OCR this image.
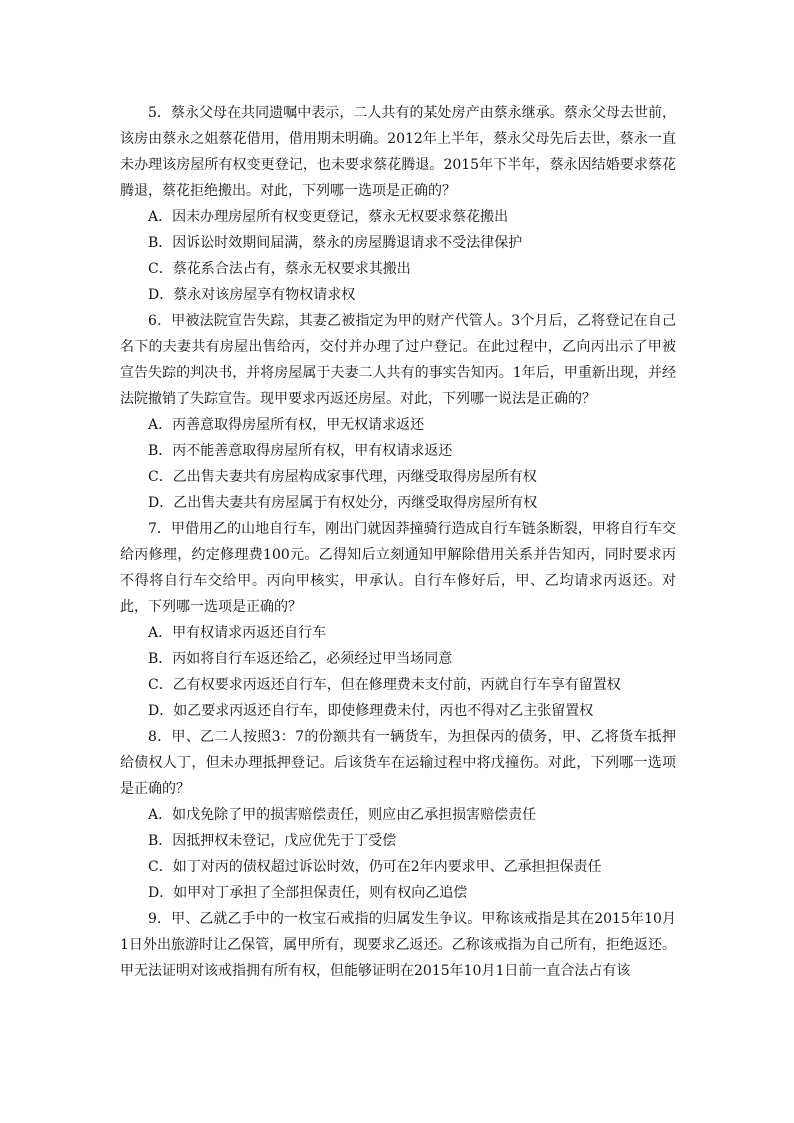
5．蔡永父母在共同遗嘱中表示，二人共有的某处房产由蔡永继承。蔡永父母去世前，该房由蔡永之姐蔡花借用，借用期未明确。2012年上半年，蔡永父母先后去世，蔡永一直未办理该房屋所有权变更登记，也未要求蔡花腾退。2015年下半年，蔡永因结婚要求蔡花腾退，蔡花拒绝搬出。对此，下列哪一选项是正确的？

A．因未办理房屋所有权变更登记，蔡永无权要求蔡花搬出

B．因诉讼时效期间届满，蔡永的房屋腾退请求不受法律保护

C．蔡花系合法占有，蔡永无权要求其搬出

D．蔡永对该房屋享有物权请求权

6．甲被法院宣告失踪，其妻乙被指定为甲的财产代管人。3个月后，乙将登记在自己名下的夫妻共有房屋出售给丙，交付并办理了过户登记。在此过程中，乙向丙出示了甲被宣告失踪的判决书，并将房屋属于夫妻二人共有的事实告知丙。1年后，甲重新出现，并经法院撤销了失踪宣告。现甲要求丙返还房屋。对此，下列哪一说法是正确的？

A．丙善意取得房屋所有权，甲无权请求返还

B．丙不能善意取得房屋所有权，甲有权请求返还

C．乙出售夫妻共有房屋构成家事代理，丙继受取得房屋所有权

D．乙出售夫妻共有房屋属于有权处分，丙继受取得房屋所有权

7．甲借用乙的山地自行车，刚出门就因莽撞骑行造成自行车链条断裂，甲将自行车交给丙修理，约定修理费100元。乙得知后立刻通知甲解除借用关系并告知丙，同时要求丙不得将自行车交给甲。丙向甲核实，甲承认。自行车修好后，甲、乙均请求丙返还。对此，下列哪一选项是正确的？

A．甲有权请求丙返还自行车

B．丙如将自行车返还给乙，必须经过甲当场同意

C．乙有权要求丙返还自行车，但在修理费未支付前，丙就自行车享有留置权

D．如乙要求丙返还自行车，即使修理费未付，丙也不得对乙主张留置权

8．甲、乙二人按照3：7的份额共有一辆货车，为担保丙的债务，甲、乙将货车抵押给债权人丁，但未办理抵押登记。后该货车在运输过程中将戊撞伤。对此，下列哪一选项是正确的？

A．如戊免除了甲的损害赔偿责任，则应由乙承担损害赔偿责任

B．因抵押权未登记，戊应优先于丁受偿

C．如丁对丙的债权超过诉讼时效，仍可在2年内要求甲、乙承担担保责任

D．如甲对丁承担了全部担保责任，则有权向乙追偿

9．甲、乙就乙手中的一枚宝石戒指的归属发生争议。甲称该戒指是其在2015年10月1日外出旅游时让乙保管，属甲所有，现要求乙返还。乙称该戒指为自己所有，拒绝返还。甲无法证明对该戒指拥有所有权，但能够证明在2015年10月1日前一直合法占有该
